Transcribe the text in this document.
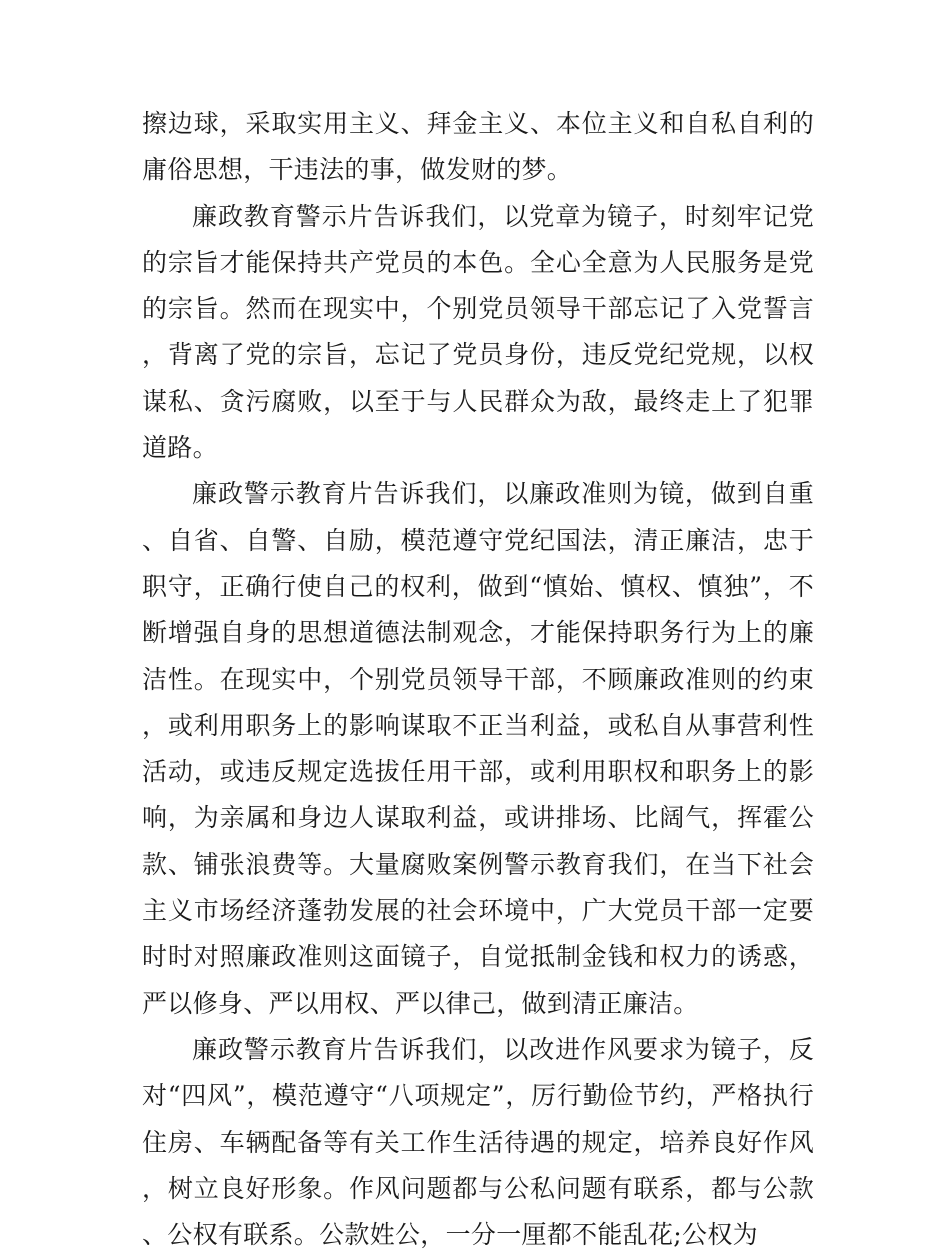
擦边球，采取实用主义、拜金主义、本位主义和自私自利的庸俗思想，干违法的事，做发财的梦。

廉政教育警示片告诉我们，以党章为镜子，时刻牢记党的宗旨才能保持共产党员的本色。全心全意为人民服务是党的宗旨。然而在现实中，个别党员领导干部忘记了入党誓言，背离了党的宗旨，忘记了党员身份，违反党纪党规，以权谋私、贪污腐败，以至于与人民群众为敌，最终走上了犯罪道路。

廉政警示教育片告诉我们，以廉政准则为镜，做到自重、自省、自警、自励，模范遵守党纪国法，清正廉洁，忠于职守，正确行使自己的权利，做到“慎始、慎权、慎独”，不断增强自身的思想道德法制观念，才能保持职务行为上的廉洁性。在现实中，个别党员领导干部，不顾廉政准则的约束，或利用职务上的影响谋取不正当利益，或私自从事营利性活动，或违反规定选拔任用干部，或利用职权和职务上的影响，为亲属和身边人谋取利益，或讲排场、比阔气，挥霍公款、铺张浪费等。大量腐败案例警示教育我们，在当下社会主义市场经济蓬勃发展的社会环境中，广大党员干部一定要时时对照廉政准则这面镜子，自觉抵制金钱和权力的诱惑，严以修身、严以用权、严以律己，做到清正廉洁。

廉政警示教育片告诉我们，以改进作风要求为镜子，反对“四风”，模范遵守“八项规定”，厉行勤俭节约，严格执行住房、车辆配备等有关工作生活待遇的规定，培养良好作风，树立良好形象。作风问题都与公私问题有联系，都与公款、公权有联系。公款姓公，一分一厘都不能乱花;公权为
